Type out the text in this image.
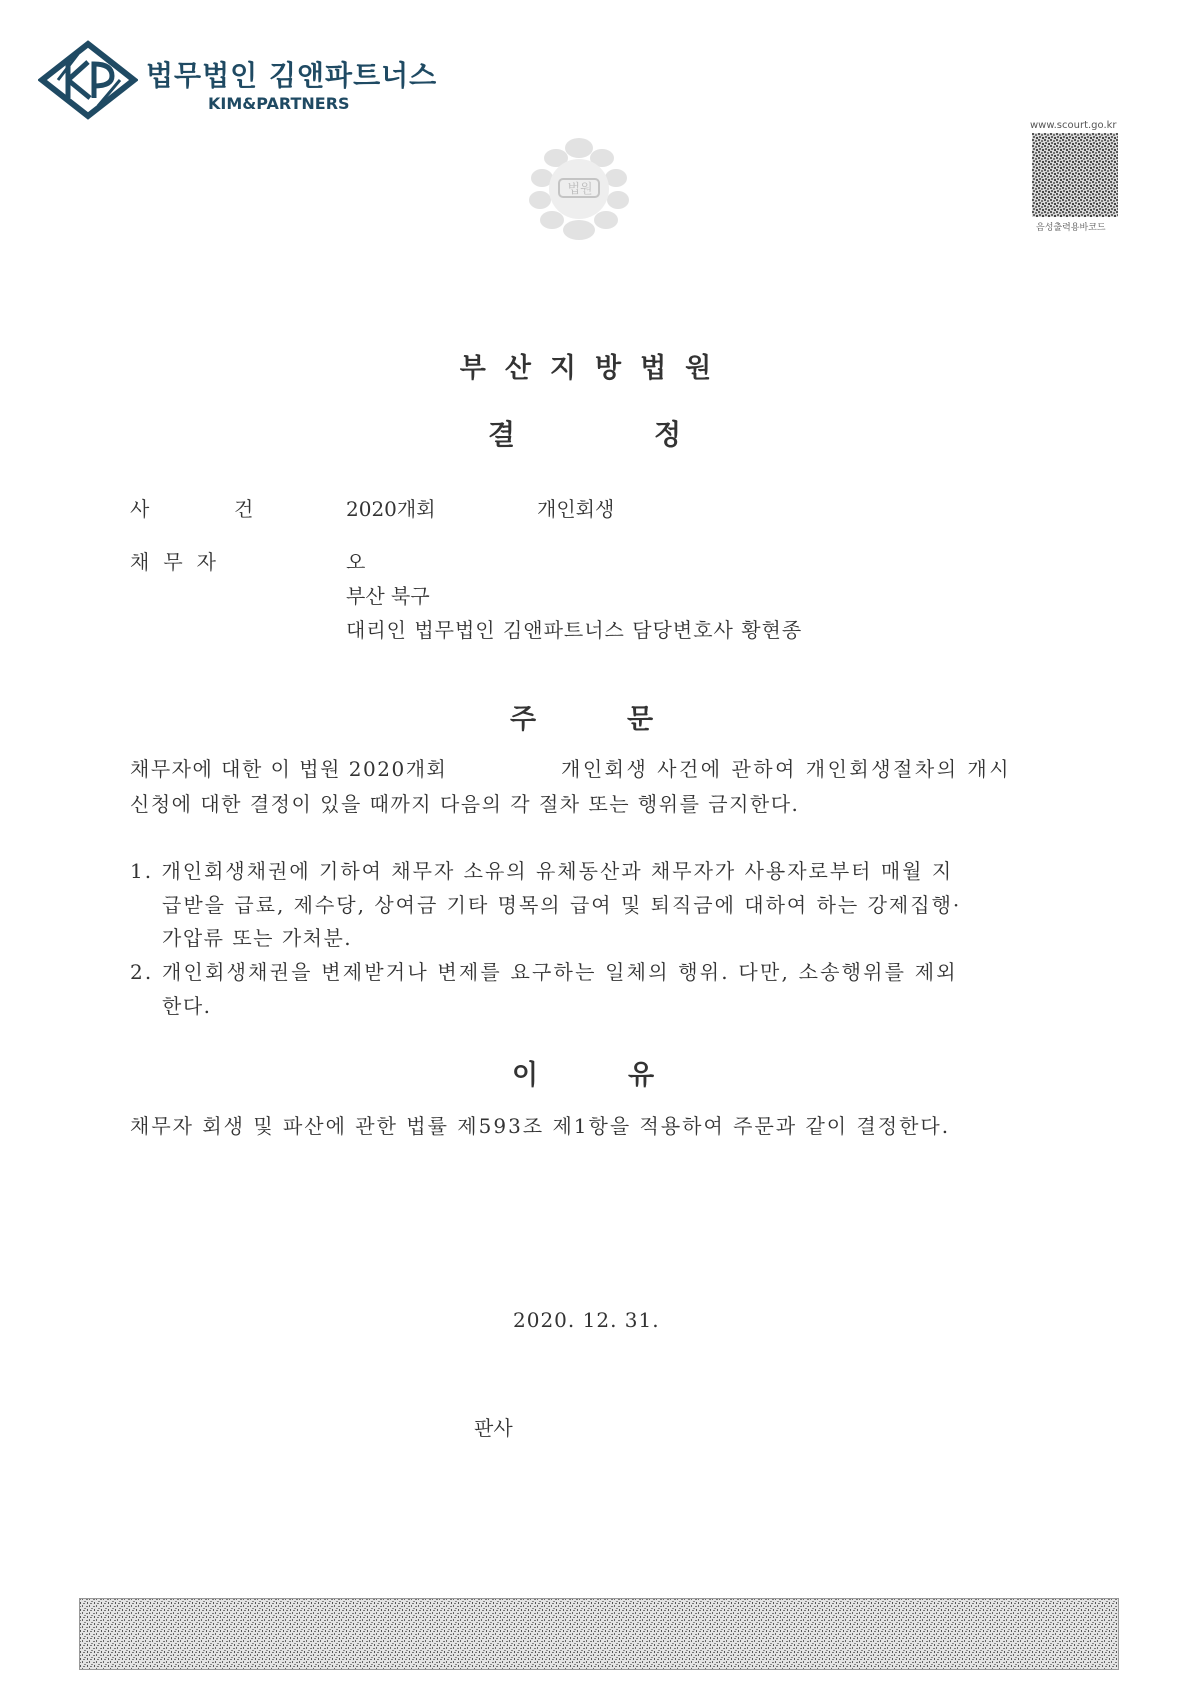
법무법인 김앤파트너스
KIM&PARTNERS
법원
www.scourt.go.kr
음성출력용바코드
부산지방법원
결	정
사	건	2020개회	개인회생
채무자	오
부산 북구
대리인 법무법인 김앤파트너스 담당변호사 황현종
주	문
채무자에 대한 이 법원 2020개회	개인회생 사건에 관하여 개인회생절차의 개시
신청에 대한 결정이 있을 때까지 다음의 각 절차 또는 행위를 금지한다.
1. 개인회생채권에 기하여 채무자 소유의 유체동산과 채무자가 사용자로부터 매월 지
급받을 급료, 제수당, 상여금 기타 명목의 급여 및 퇴직금에 대하여 하는 강제집행·
가압류 또는 가처분.
2. 개인회생채권을 변제받거나 변제를 요구하는 일체의 행위. 다만, 소송행위를 제외
한다.
이	유
채무자 회생 및 파산에 관한 법률 제593조 제1항을 적용하여 주문과 같이 결정한다.
2020. 12. 31.
판사
